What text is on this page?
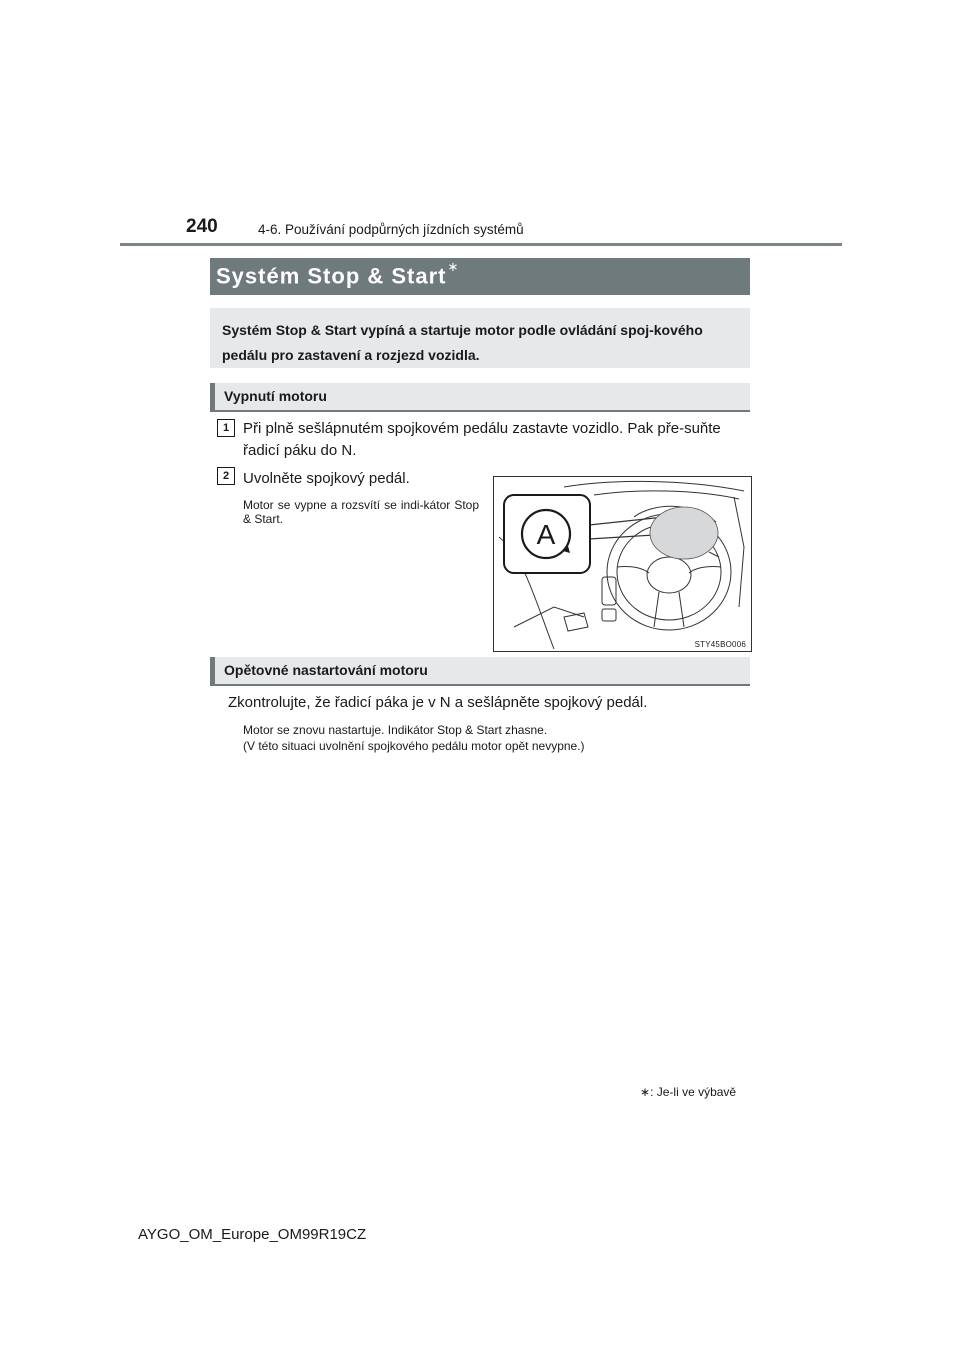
240	4-6. Používání podpůrných jízdních systémů
Systém Stop & Start∗
Systém Stop & Start vypíná a startuje motor podle ovládání spoj-kového pedálu pro zastavení a rozjezd vozidla.
Vypnutí motoru
1 Při plně sešlápnutém spojkovém pedálu zastavte vozidlo. Pak pře-suňte řadicí páku do N.
2 Uvolněte spojkový pedál.
Motor se vypne a rozsvítí se indi-kátor Stop & Start.	A
STY45BO006
Opětovné nastartování motoru
Zkontrolujte, že řadicí páka je v N a sešlápněte spojkový pedál.
Motor se znovu nastartuje. Indikátor Stop & Start zhasne.
(V této situaci uvolnění spojkového pedálu motor opět nevypne.)
∗: Je-li ve výbavě
AYGO_OM_Europe_OM99R19CZ
